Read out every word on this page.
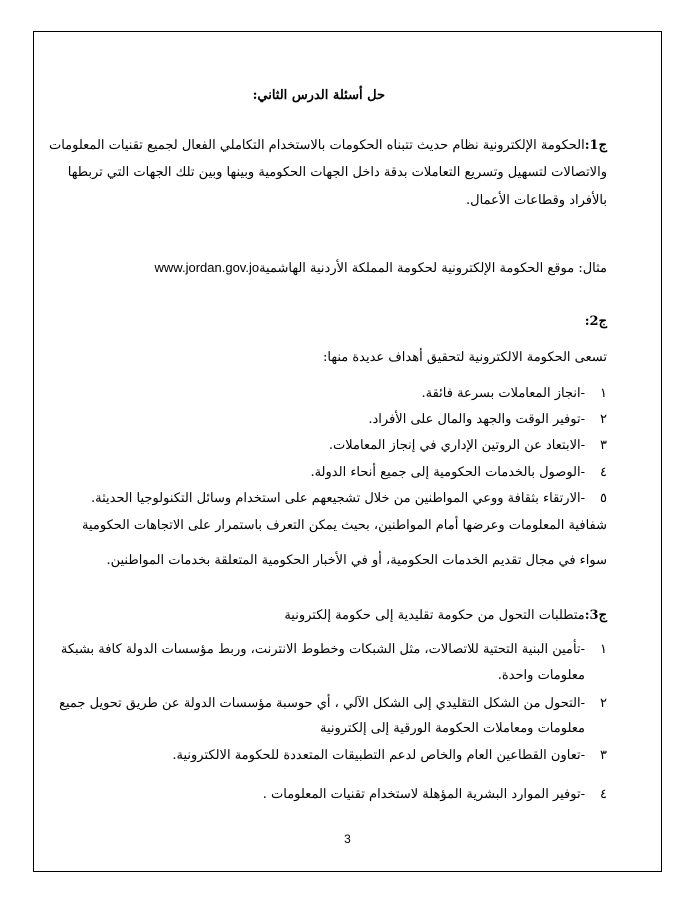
حل أسئلة الدرس الثاني:
ج1:الحكومة الإلكترونية نظام حديث تتبناه الحكومات بالاستخدام التكاملي الفعال لجميع تقنيات المعلومات
والاتصالات لتسهيل وتسريع التعاملات بدقة داخل الجهات الحكومية وبينها وبين تلك الجهات التي تربطها
بالأفراد وقطاعات الأعمال.
مثال: موقع الحكومة الإلكترونية لحكومة المملكة الأردنية الهاشميةwww.jordan.gov.jo
ج2:
تسعى الحكومة الالكترونية لتحقيق أهداف عديدة منها:
١-انجاز المعاملات بسرعة فائقة.
٢-توفير الوقت والجهد والمال على الأفراد.
٣-الابتعاد عن الروتين الإداري في إنجاز المعاملات.
٤-الوصول بالخدمات الحكومية إلى جميع أنحاء الدولة.
٥-الارتقاء بثقافة ووعي المواطنين من خلال تشجيعهم على استخدام وسائل التكنولوجيا الحديثة.
شفافية المعلومات وعرضها أمام المواطنين، بحيث يمكن التعرف باستمرار على الاتجاهات الحكومية
سواء في مجال تقديم الخدمات الحكومية، أو في الأخبار الحكومية المتعلقة بخدمات المواطنين.
ج3:متطلبات التحول من حكومة تقليدية إلى حكومة إلكترونية
١-تأمين البنية التحتية للاتصالات، مثل الشبكات وخطوط الانترنت، وربط مؤسسات الدولة كافة بشبكة
معلومات واحدة.
٢-التحول من الشكل التقليدي إلى الشكل الآلي ، أي حوسبة مؤسسات الدولة عن طريق تحويل جميع
معلومات ومعاملات الحكومة الورقية إلى إلكترونية
٣-تعاون القطاعين العام والخاص لدعم التطبيقات المتعددة للحكومة الالكترونية.
٤-توفير الموارد البشرية المؤهلة لاستخدام تقنيات المعلومات .
3
